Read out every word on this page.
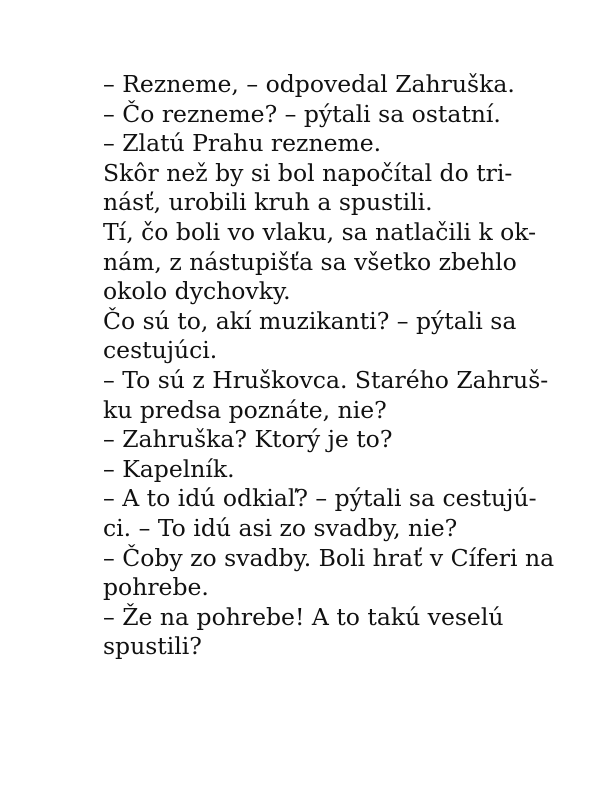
– Rezneme, – odpovedal Zahruška.
– Čo rezneme? – pýtali sa ostatní.
– Zlatú Prahu rezneme.
Skôr než by si bol napočítal do tri-
násť, urobili kruh a spustili.
Tí, čo boli vo vlaku, sa natlačili k ok-
nám, z nástupišťa sa všetko zbehlo
okolo dychovky.
Čo sú to, akí muzikanti? – pýtali sa
cestujúci.
– To sú z Hruškovca. Starého Zahruš-
ku predsa poznáte, nie?
– Zahruška? Ktorý je to?
– Kapelník.
– A to idú odkiaľ? – pýtali sa cestujú-
ci. – To idú asi zo svadby, nie?
– Čoby zo svadby. Boli hrať v Cíferi na
pohrebe.
– Že na pohrebe! A to takú veselú
spustili?
